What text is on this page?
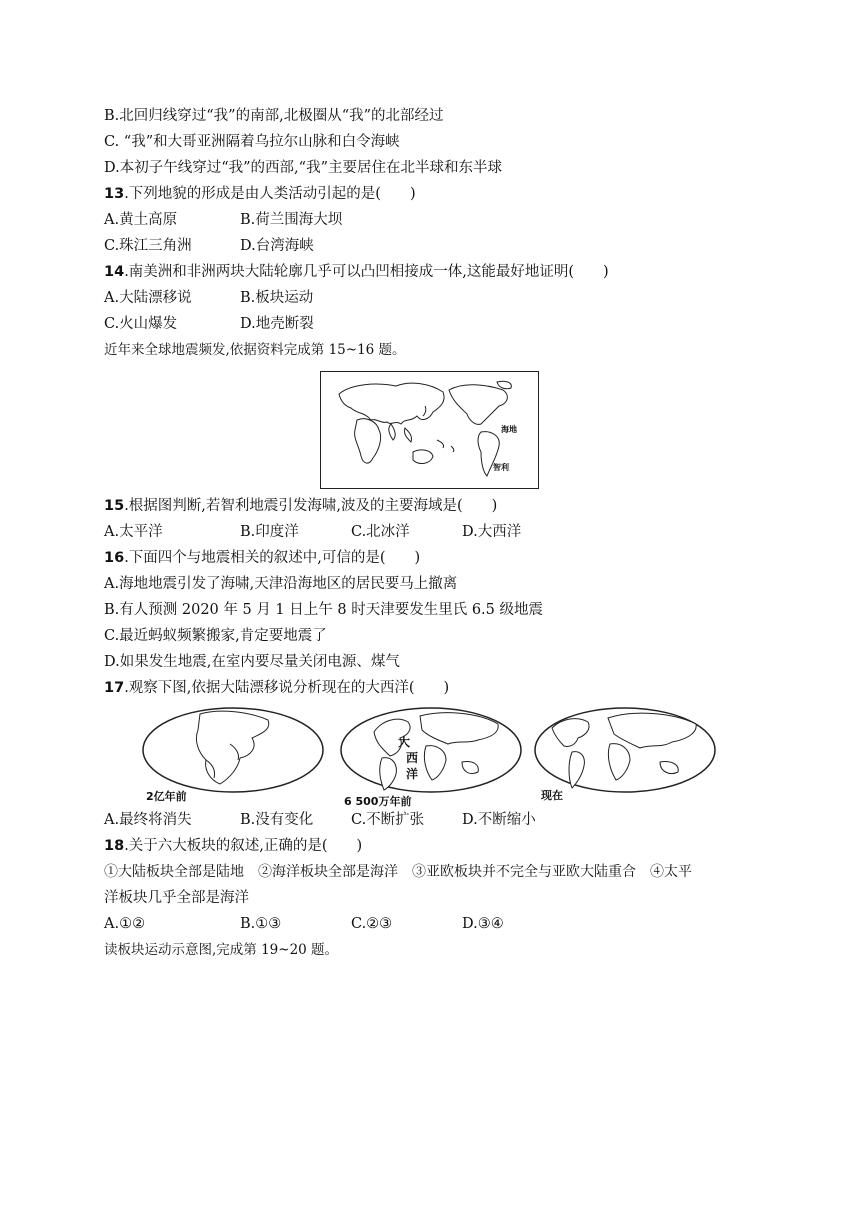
B.北回归线穿过“我”的南部,北极圈从“我”的北部经过
C. “我”和大哥亚洲隔着乌拉尔山脉和白令海峡
D.本初子午线穿过“我”的西部,“我”主要居住在北半球和东半球
13.下列地貌的形成是由人类活动引起的是(　　)
A.黄土高原	B.荷兰围海大坝
C.珠江三角洲	D.台湾海峡
14.南美洲和非洲两块大陆轮廓几乎可以凸凹相接成一体,这能最好地证明(　　)
A.大陆漂移说	B.板块运动
C.火山爆发	D.地壳断裂
近年来全球地震频发,依据资料完成第 15~16 题。
海地
智利
15.根据图判断,若智利地震引发海啸,波及的主要海域是(　　)
A.太平洋	B.印度洋	C.北冰洋	D.大西洋
16.下面四个与地震相关的叙述中,可信的是(　　)
A.海地地震引发了海啸,天津沿海地区的居民要马上撤离
B.有人预测 2020 年 5 月 1 日上午 8 时天津要发生里氏 6.5 级地震
C.最近蚂蚁频繁搬家,肯定要地震了
D.如果发生地震,在室内要尽量关闭电源、煤气
17.观察下图,依据大陆漂移说分析现在的大西洋(　　)
大
西
洋
2亿年前	6 500万年前	现在
A.最终将消失	B.没有变化	C.不断扩张	D.不断缩小
18.关于六大板块的叙述,正确的是(　　)
①大陆板块全部是陆地　②海洋板块全部是海洋　③亚欧板块并不完全与亚欧大陆重合　④太平
洋板块几乎全部是海洋
A.①②	B.①③	C.②③	D.③④
读板块运动示意图,完成第 19~20 题。
